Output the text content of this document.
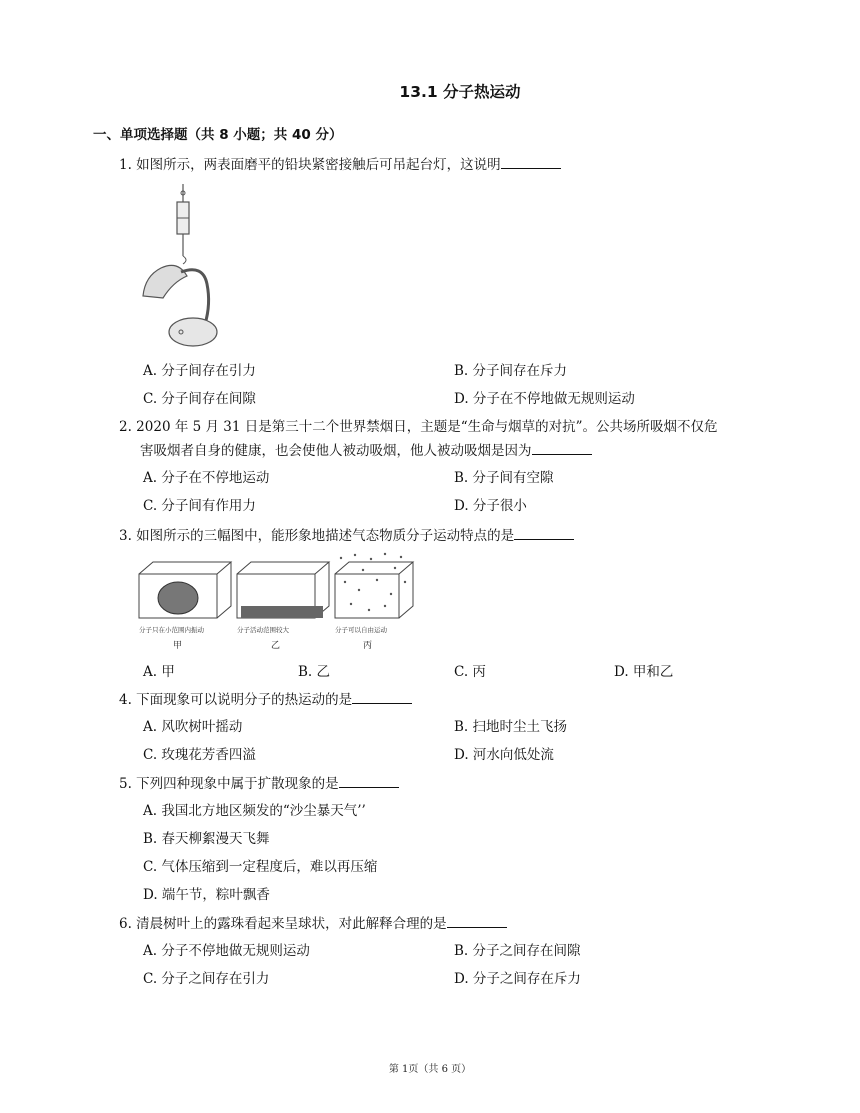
13.1 分子热运动
一、单项选择题（共 8 小题；共 40 分）
1. 如图所示，两表面磨平的铅块紧密接触后可吊起台灯，这说明
A. 分子间存在引力	B. 分子间存在斥力
C. 分子间存在间隙	D. 分子在不停地做无规则运动
2. 2020 年 5 月 31 日是第三十二个世界禁烟日，主题是“生命与烟草的对抗”。公共场所吸烟不仅危
害吸烟者自身的健康，也会使他人被动吸烟，他人被动吸烟是因为
A. 分子在不停地运动	B. 分子间有空隙
C. 分子间有作用力	D. 分子很小
3. 如图所示的三幅图中，能形象地描述气态物质分子运动特点的是
分子只在小范围内振动	分子活动范围较大	分子可以自由运动
甲	乙	丙
A. 甲	B. 乙	C. 丙	D. 甲和乙
4. 下面现象可以说明分子的热运动的是
A. 风吹树叶摇动	B. 扫地时尘土飞扬
C. 玫瑰花芳香四溢	D. 河水向低处流
5. 下列四种现象中属于扩散现象的是
A. 我国北方地区频发的“沙尘暴天气’’
B. 春天柳絮漫天飞舞
C. 气体压缩到一定程度后，难以再压缩
D. 端午节，粽叶飘香
6. 清晨树叶上的露珠看起来呈球状，对此解释合理的是
A. 分子不停地做无规则运动	B. 分子之间存在间隙
C. 分子之间存在引力	D. 分子之间存在斥力
第 1页（共 6 页）
